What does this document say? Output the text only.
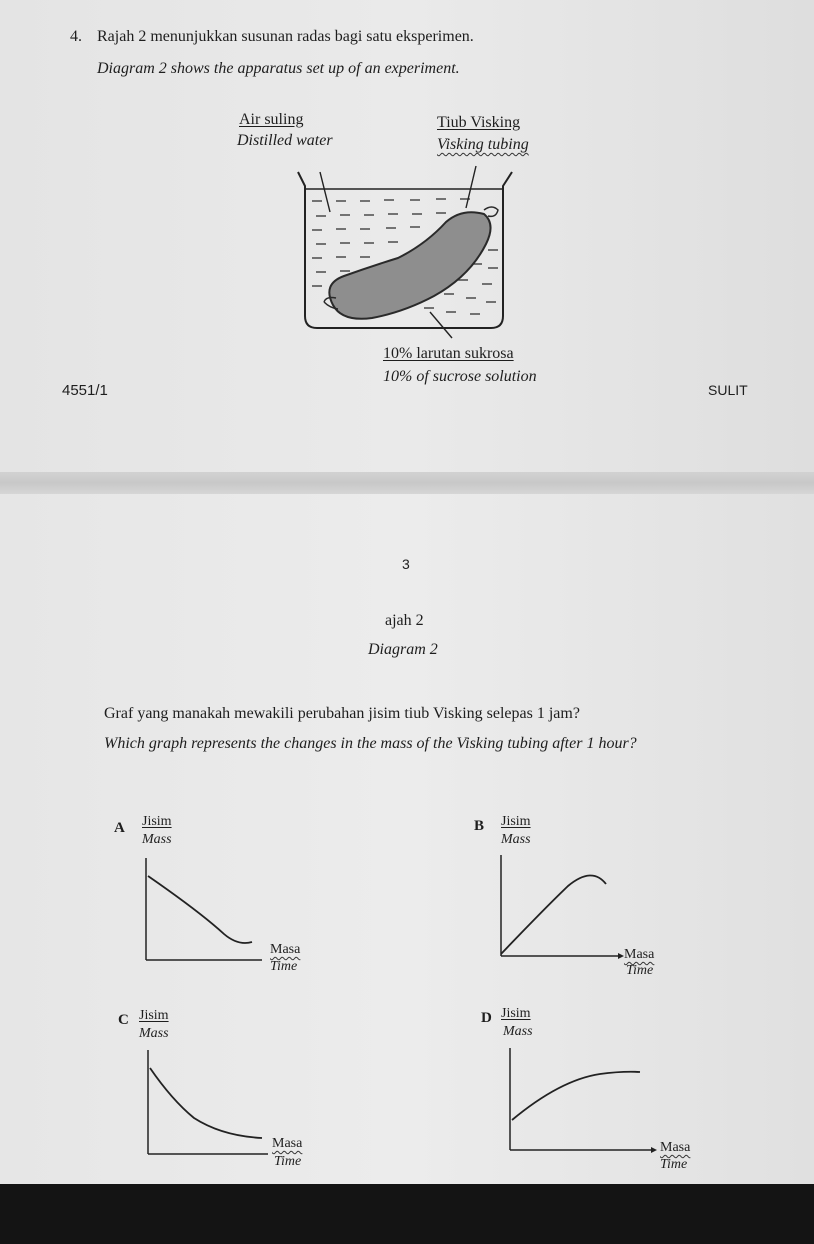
4. Rajah 2 menunjukkan susunan radas bagi satu eksperimen.
Diagram 2 shows the apparatus set up of an experiment.
Air suling
Distilled water
Tiub Visking
Visking tubing
10% larutan sukrosa
10% of sucrose solution
4551/1	SULIT
3
ajah 2
Diagram 2
Graf yang manakah mewakili perubahan jisim tiub Visking selepas 1 jam?
Which graph represents the changes in the mass of the Visking tubing after 1 hour?
A Jisim
Mass
Masa
Time
B Jisim
Mass
Masa
Time
C Jisim
Mass
Masa
Time
D Jisim
Mass
Masa
Time
